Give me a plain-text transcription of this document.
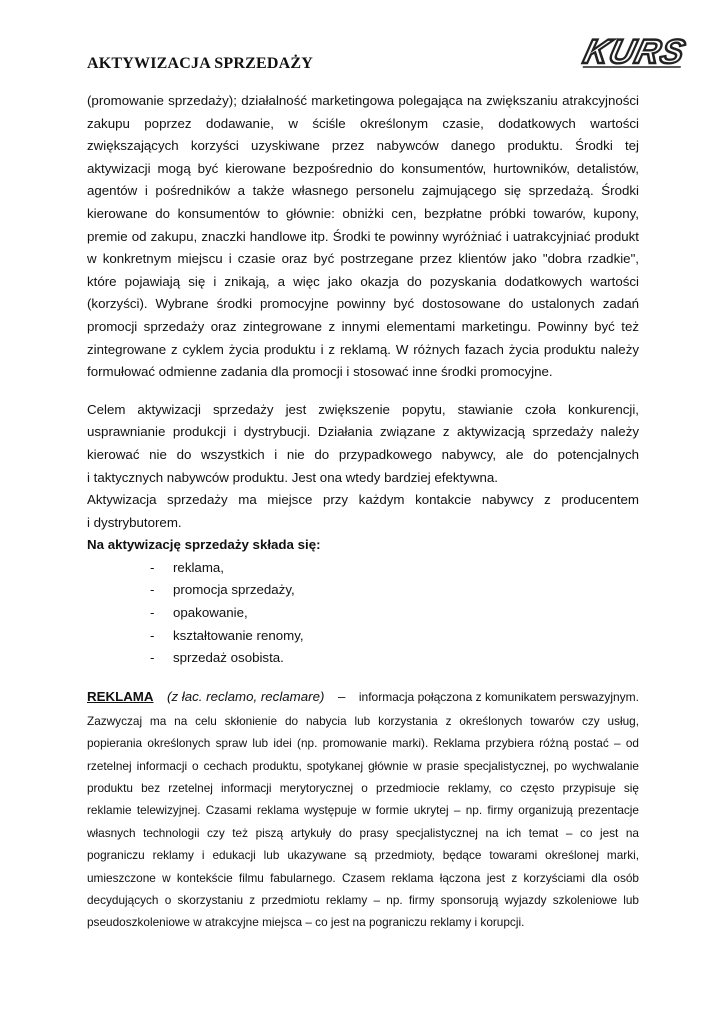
KURS
AKTYWIZACJA SPRZEDAŻY
(promowanie sprzedaży); działalność marketingowa polegająca na zwiększaniu atrakcyjności
zakupu poprzez dodawanie, w ściśle określonym czasie, dodatkowych wartości
zwiększających korzyści uzyskiwane przez nabywców danego produktu. Środki tej
aktywizacji mogą być kierowane bezpośrednio do konsumentów, hurtowników, detalistów,
agentów i pośredników a także własnego personelu zajmującego się sprzedażą. Środki
kierowane do konsumentów to głównie: obniżki cen, bezpłatne próbki towarów, kupony,
premie od zakupu, znaczki handlowe itp. Środki te powinny wyróżniać i uatrakcyjniać produkt
w konkretnym miejscu i czasie oraz być postrzegane przez klientów jako "dobra rzadkie",
które pojawiają się i znikają, a więc jako okazja do pozyskania dodatkowych wartości
(korzyści). Wybrane środki promocyjne powinny być dostosowane do ustalonych zadań
promocji sprzedaży oraz zintegrowane z innymi elementami marketingu. Powinny być też
zintegrowane z cyklem życia produktu i z reklamą. W różnych fazach życia produktu należy
formułować odmienne zadania dla promocji i stosować inne środki promocyjne.
Celem aktywizacji sprzedaży jest zwiększenie popytu, stawianie czoła konkurencji,
usprawnianie produkcji i dystrybucji. Działania związane z aktywizacją sprzedaży należy
kierować nie do wszystkich i nie do przypadkowego nabywcy, ale do potencjalnych
i taktycznych nabywców produktu. Jest ona wtedy bardziej efektywna.
Aktywizacja sprzedaży ma miejsce przy każdym kontakcie nabywcy z producentem
i dystrybutorem.
Na aktywizację sprzedaży składa się:
- reklama,
- promocja sprzedaży,
- opakowanie,
- kształtowanie renomy,
- sprzedaż osobista.
REKLAMA (z łac. reclamo, reclamare) – informacja połączona z komunikatem perswazyjnym.
Zazwyczaj ma na celu skłonienie do nabycia lub korzystania z określonych towarów czy usług,
popierania określonych spraw lub idei (np. promowanie marki). Reklama przybiera różną postać – od
rzetelnej informacji o cechach produktu, spotykanej głównie w prasie specjalistycznej, po wychwalanie
produktu bez rzetelnej informacji merytorycznej o przedmiocie reklamy, co często przypisuje się
reklamie telewizyjnej. Czasami reklama występuje w formie ukrytej – np. firmy organizują prezentacje
własnych technologii czy też piszą artykuły do prasy specjalistycznej na ich temat – co jest na
pograniczu reklamy i edukacji lub ukazywane są przedmioty, będące towarami określonej marki,
umieszczone w kontekście filmu fabularnego. Czasem reklama łączona jest z korzyściami dla osób
decydujących o skorzystaniu z przedmiotu reklamy – np. firmy sponsorują wyjazdy szkoleniowe lub
pseudoszkoleniowe w atrakcyjne miejsca – co jest na pograniczu reklamy i korupcji.
